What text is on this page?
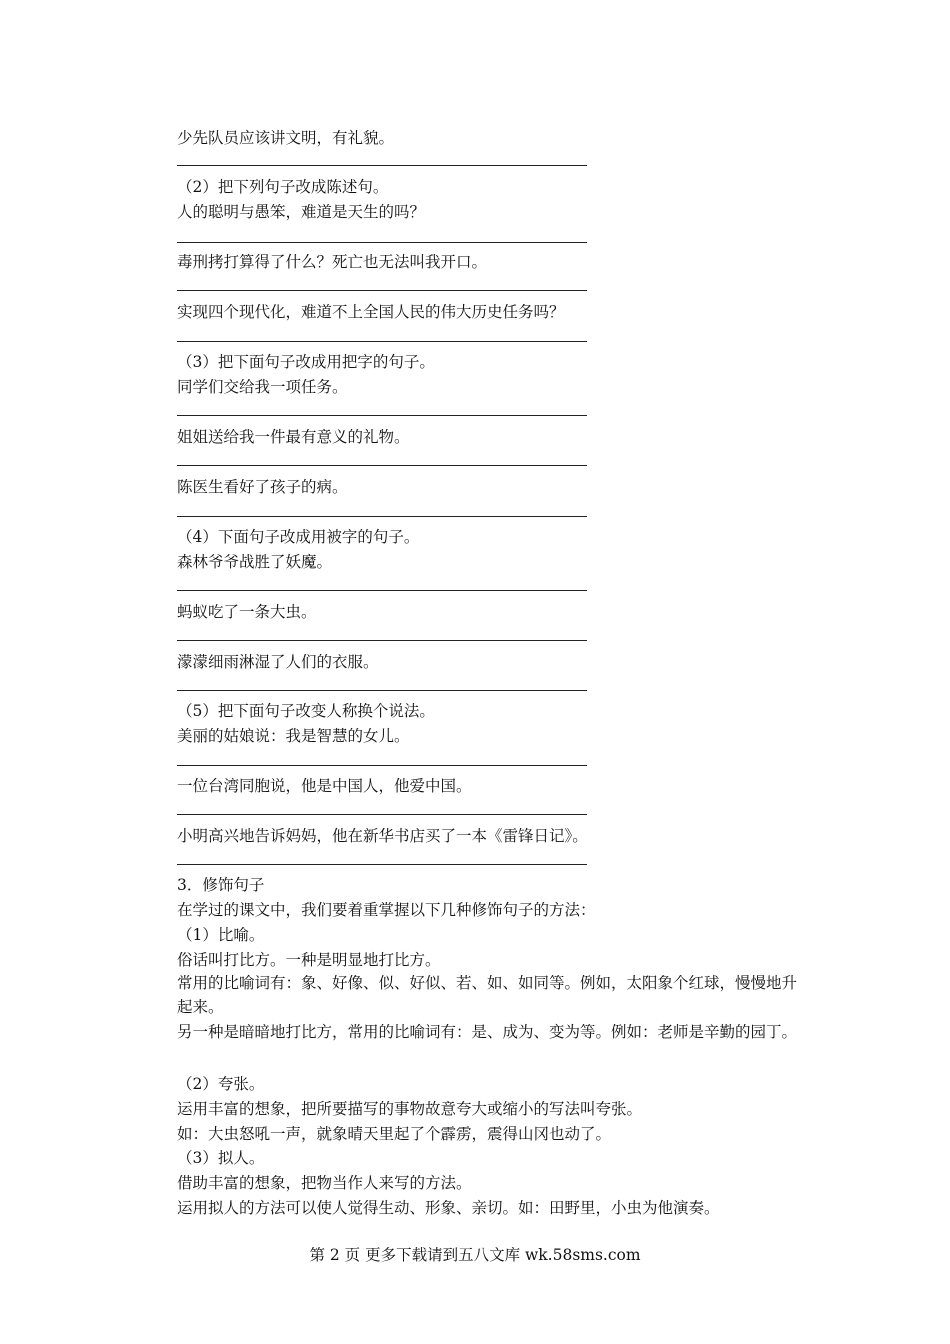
少先队员应该讲文明，有礼貌。
（2）把下列句子改成陈述句。
人的聪明与愚笨，难道是天生的吗？
毒刑拷打算得了什么？死亡也无法叫我开口。
实现四个现代化，难道不上全国人民的伟大历史任务吗？
（3）把下面句子改成用把字的句子。
同学们交给我一项任务。
姐姐送给我一件最有意义的礼物。
陈医生看好了孩子的病。
（4）下面句子改成用被字的句子。
森林爷爷战胜了妖魔。
蚂蚁吃了一条大虫。
濛濛细雨淋湿了人们的衣服。
（5）把下面句子改变人称换个说法。
美丽的姑娘说：我是智慧的女儿。
一位台湾同胞说，他是中国人，他爱中国。
小明高兴地告诉妈妈，他在新华书店买了一本《雷锋日记》。
3．修饰句子
在学过的课文中，我们要着重掌握以下几种修饰句子的方法：
（1）比喻。
俗话叫打比方。一种是明显地打比方。
常用的比喻词有：象、好像、似、好似、若、如、如同等。例如，太阳象个红球，慢慢地升起来。
另一种是暗暗地打比方，常用的比喻词有：是、成为、变为等。例如：老师是辛勤的园丁。
（2）夸张。
运用丰富的想象，把所要描写的事物故意夸大或缩小的写法叫夸张。
如：大虫怒吼一声，就象晴天里起了个霹雳，震得山冈也动了。
（3）拟人。
借助丰富的想象，把物当作人来写的方法。
运用拟人的方法可以使人觉得生动、形象、亲切。如：田野里，小虫为他演奏。
第 2 页 更多下载请到五八文库 wk.58sms.com
